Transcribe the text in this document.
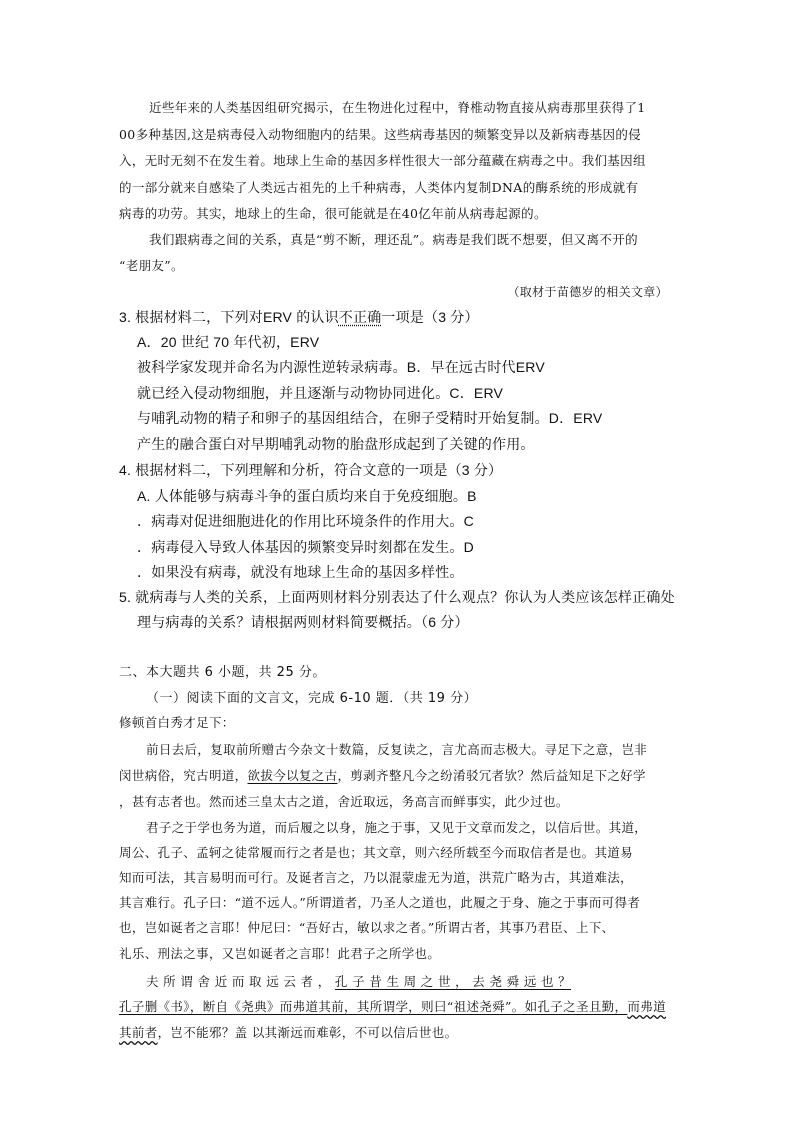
近些年来的人类基因组研究揭示，在生物进化过程中，脊椎动物直接从病毒那里获得了1
00多种基因,这是病毒侵入动物细胞内的结果。这些病毒基因的频繁变异以及新病毒基因的侵
入，无时无刻不在发生着。地球上生命的基因多样性很大一部分蕴藏在病毒之中。我们基因组
的一部分就来自感染了人类远古祖先的上千种病毒，人类体内复制DNA的酶系统的形成就有
病毒的功劳。其实，地球上的生命，很可能就是在40亿年前从病毒起源的。
我们跟病毒之间的关系，真是“剪不断，理还乱”。病毒是我们既不想要，但又离不开的
“老朋友”。
（取材于苗德岁的相关文章）
3. 根据材料二，下列对ERV 的认识不正确一项是（3 分）
A．20 世纪 70 年代初，ERV
被科学家发现并命名为内源性逆转录病毒。B．早在远古时代ERV
就已经入侵动物细胞，并且逐渐与动物协同进化。C．ERV
与哺乳动物的精子和卵子的基因组结合，在卵子受精时开始复制。D．ERV
产生的融合蛋白对早期哺乳动物的胎盘形成起到了关键的作用。
4. 根据材料二，下列理解和分析，符合文意的一项是（3 分）
A. 人体能够与病毒斗争的蛋白质均来自于免疫细胞。B
．病毒对促进细胞进化的作用比环境条件的作用大。C
．病毒侵入导致人体基因的频繁变异时刻都在发生。D
．如果没有病毒，就没有地球上生命的基因多样性。
5. 就病毒与人类的关系，上面两则材料分别表达了什么观点？你认为人类应该怎样正确处
理与病毒的关系？请根据两则材料简要概括。（6 分）
二、本大题共 6 小题，共 25 分。
（一）阅读下面的文言文，完成 6-10 题．（共 19 分）
修顿首白秀才足下：
前日去后，复取前所赠古今杂文十数篇，反复读之，言尤高而志极大。寻足下之意，岂非
闵世病俗，究古明道，欲拔今以复之古，剪剥齐整凡今之纷淆驳冗者欤？然后益知足下之好学
，甚有志者也。然而述三皇太古之道，舍近取远，务高言而鲜事实，此少过也。
君子之于学也务为道，而后履之以身，施之于事，又见于文章而发之，以信后世。其道，
周公、孔子、孟轲之徒常履而行之者是也；其文章，则六经所载至今而取信者是也。其道易
知而可法，其言易明而可行。及诞者言之，乃以混蒙虚无为道，洪荒广略为古，其道难法，
其言难行。孔子曰：“道不远人。”所谓道者，乃圣人之道也，此履之于身、施之于事而可得者
也，岂如诞者之言耶！仲尼曰：“吾好古，敏以求之者。”所谓古者，其事乃君臣、上下、
礼乐、刑法之事，又岂如诞者之言耶！此君子之所学也。
夫 所 谓 舍 近 而 取 远 云 者 ， 孔 子 昔 生 周 之 世 ， 去 尧 舜 远 也 ？
孔子删《书》，断自《尧典》而弗道其前，其所谓学，则曰“祖述尧舜”。如孔子之圣且勤，而弗道
其前者，岂不能邪？盖 以其渐远而难彰，不可以信后世也。
